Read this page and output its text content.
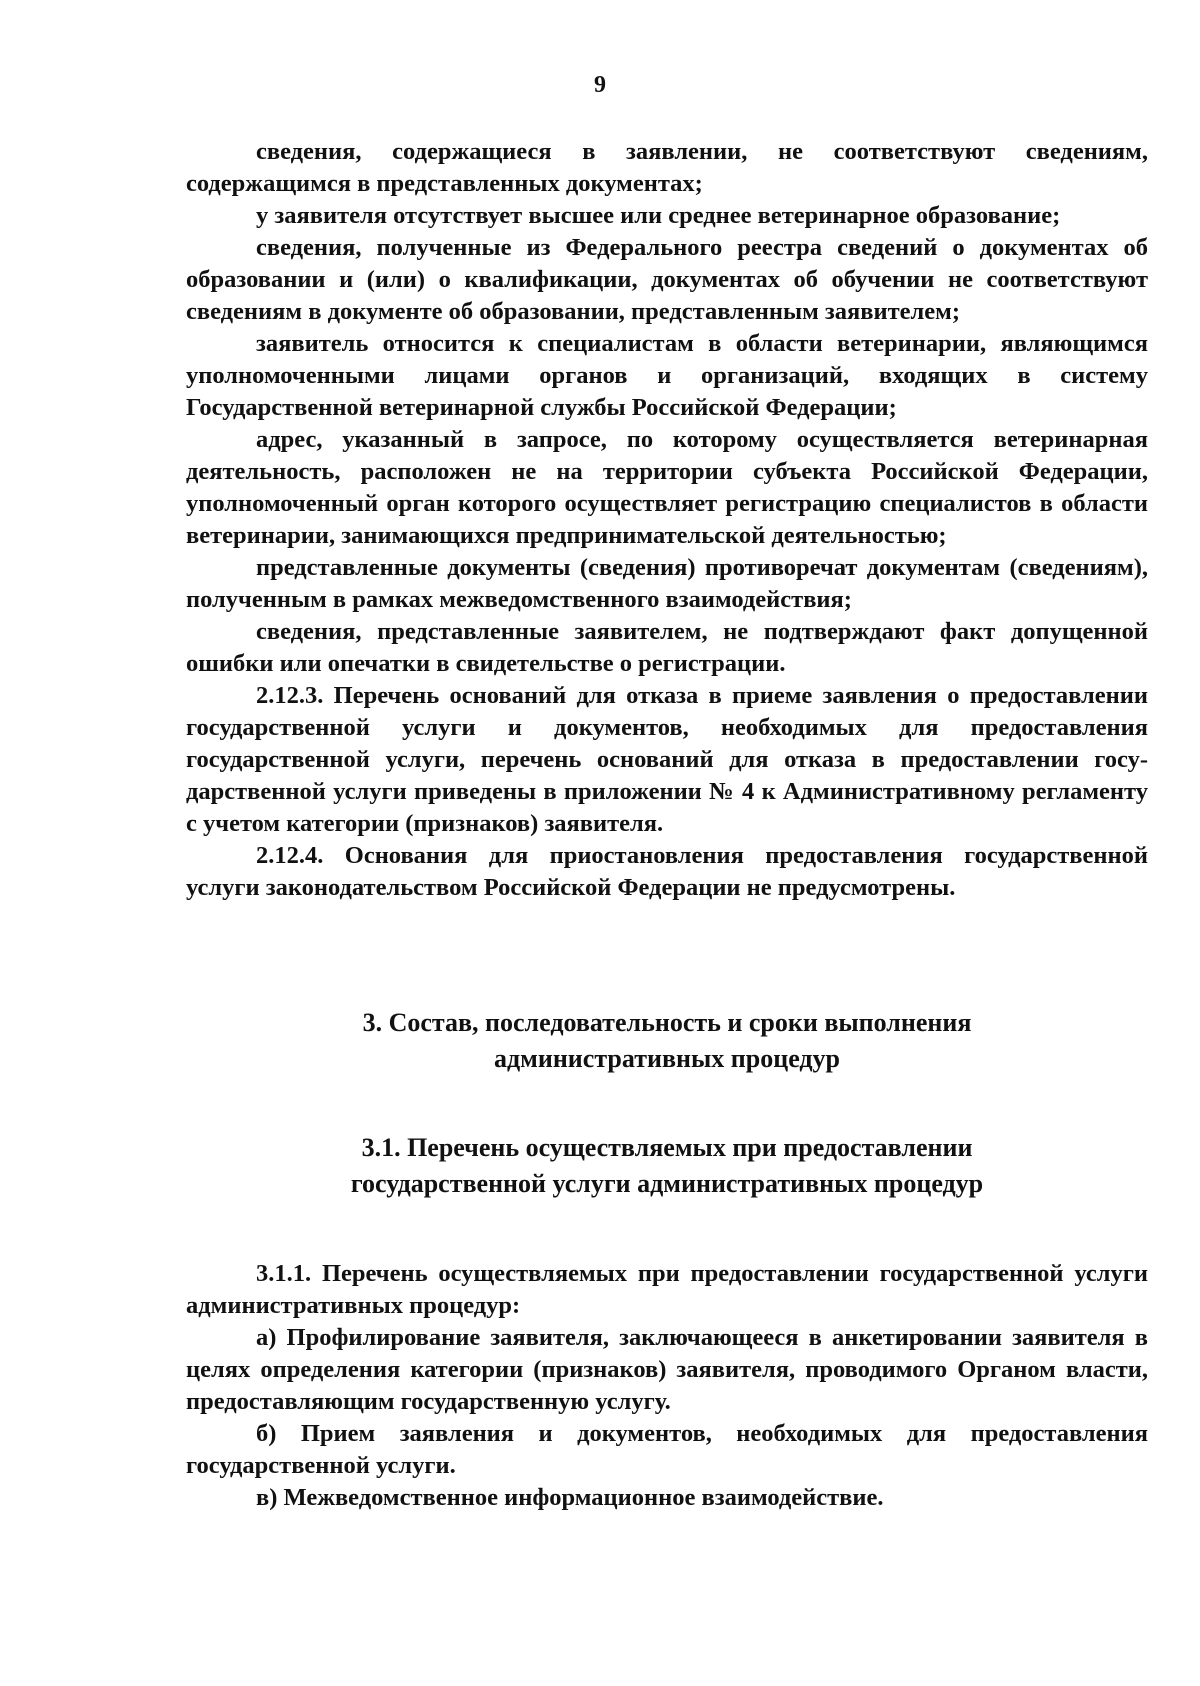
9

сведения, содержащиеся в заявлении, не соответствуют сведениям, содержащимся в представленных документах;

у заявителя отсутствует высшее или среднее ветеринарное образование;

сведения, полученные из Федерального реестра сведений о документах об образовании и (или) о квалификации, документах об обучении не соответствуют сведениям в документе об образовании, представленным заявителем;

заявитель относится к специалистам в области ветеринарии, являющимся уполномоченными лицами органов и организаций, входящих в систему Государственной ветеринарной службы Российской Федерации;

адрес, указанный в запросе, по которому осуществляется ветеринарная деятельность, расположен не на территории субъекта Российской Федерации, уполномоченный орган которого осуществляет регистрацию специалистов в области ветеринарии, занимающихся предпринимательской деятельностью;

представленные документы (сведения) противоречат документам (сведениям), полученным в рамках межведомственного взаимодействия;

сведения, представленные заявителем, не подтверждают факт допущенной ошибки или опечатки в свидетельстве о регистрации.

2.12.3. Перечень оснований для отказа в приеме заявления о предоставлении государственной услуги и документов, необходимых для предоставления государственной услуги, перечень оснований для отказа в предоставлении госу-дарственной услуги приведены в приложении № 4 к Административному регламенту с учетом категории (признаков) заявителя.

2.12.4. Основания для приостановления предоставления государственной услуги законодательством Российской Федерации не предусмотрены.

3. Состав, последовательность и сроки выполнения

административных процедур

3.1. Перечень осуществляемых при предоставлении

государственной услуги административных процедур

3.1.1. Перечень осуществляемых при предоставлении государственной услуги административных процедур:

а) Профилирование заявителя, заключающееся в анкетировании заявителя в целях определения категории (признаков) заявителя, проводимого Органом власти, предоставляющим государственную услугу.

б) Прием заявления и документов, необходимых для предоставления государственной услуги.

в) Межведомственное информационное взаимодействие.
